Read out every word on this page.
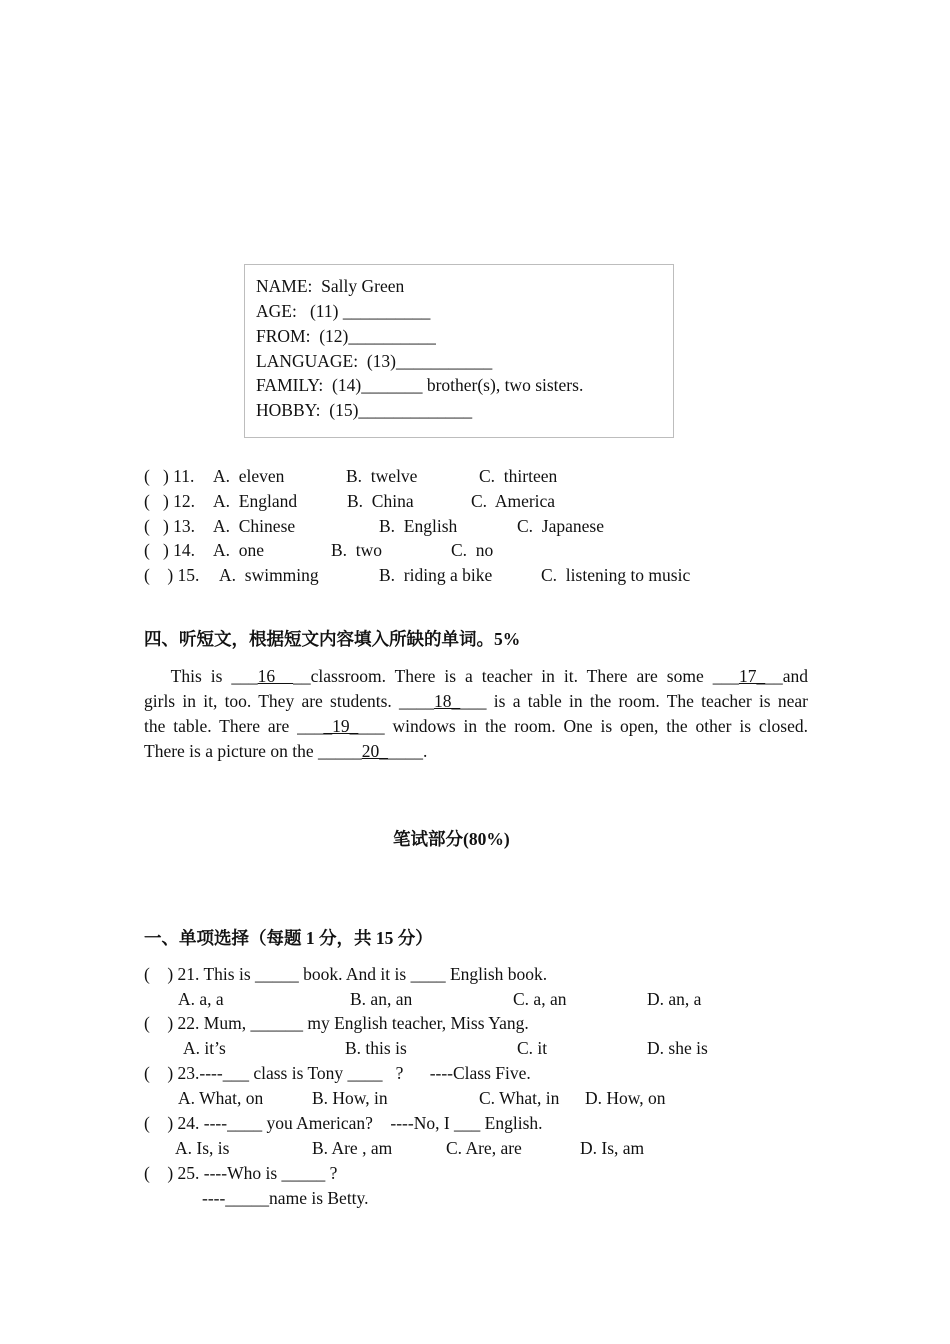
NAME:  Sally Green
AGE:   (11) __________
FROM:  (12)__________
LANGUAGE:  (13)___________
FAMILY:  (14)_______ brother(s), two sisters.
HOBBY:  (15)_____________
(   ) 11. A.  eleven	B.  twelve	C.  thirteen
(   ) 12. A.  England	B.  China	C.  America
(   ) 13. A.  Chinese	B.  English	C.  Japanese
(   ) 14. A.  one	B.  two	C.  no
(    ) 15. A.  swimming	B.  riding a bike	C.  listening to music
四、听短文，根据短文内容填入所缺的单词。5%
This is ___16  __classroom. There is a teacher in it. There are some ___17___and
girls in it, too. They are students. ____18____ is a table in the room. The teacher is near
the table. There are ____19____ windows in the room. One is open, the other is closed.
There is a picture on the _____20_____.
笔试部分(80%)
一、单项选择（每题 1 分，共 15 分）
(    ) 21. This is _____ book. And it is ____ English book.
A. a, a	B. an, an	C. a, an	D. an, a
(    ) 22. Mum, ______ my English teacher, Miss Yang.
A. it’s	B. this is	C. it	D. she is
(    ) 23.----___ class is Tony ____   ?      ----Class Five.
A. What, on	B. How, in	C. What, in D. How, on
(    ) 24. ----____ you American?    ----No, I ___ English.
A. Is, is	B. Are , am	C. Are, are	D. Is, am
(    ) 25. ----Who is _____ ?
----_____name is Betty.
